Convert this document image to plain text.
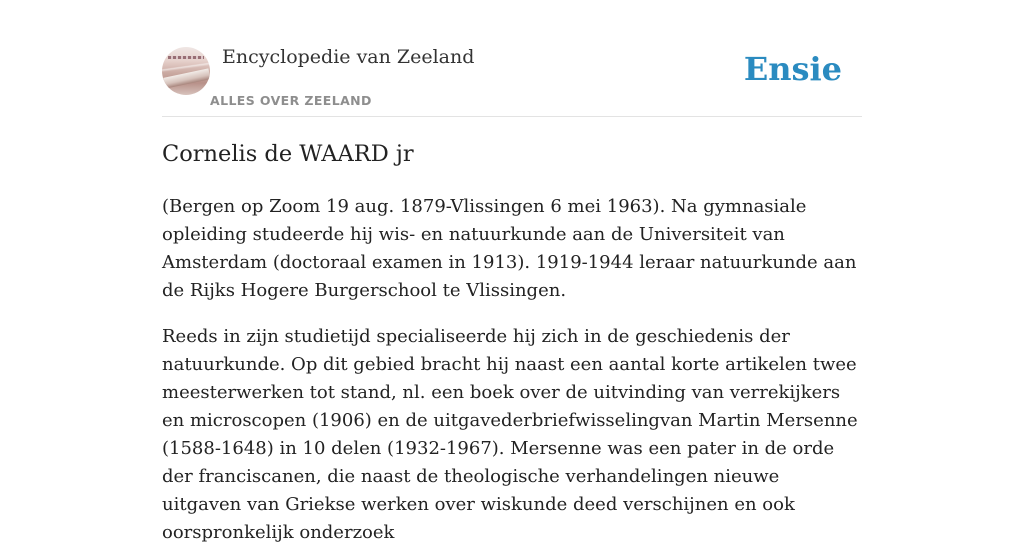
Encyclopedie van Zeeland
ALLES OVER ZEELAND
Ensie
Cornelis de WAARD jr

(Bergen op Zoom 19 aug. 1879-Vlissingen 6 mei 1963). Na gymnasiale opleiding studeerde hij wis- en natuurkunde aan de Universiteit van Amsterdam (doctoraal examen in 1913). 1919-1944 leraar natuurkunde aan de Rijks Hogere Burgerschool te Vlissingen.

Reeds in zijn studietijd specialiseerde hij zich in de geschiedenis der natuurkunde. Op dit gebied bracht hij naast een aantal korte artikelen twee meesterwerken tot stand, nl. een boek over de uitvinding van verrekijkers en microscopen (1906) en de uitgavederbriefwisselingvan Martin Mersenne (1588-1648) in 10 delen (1932-1967). Mersenne was een pater in de orde der franciscanen, die naast de theologische verhandelingen nieuwe uitgaven van Griekse werken over wiskunde deed verschijnen en ook oorspronkelijk onderzoek
